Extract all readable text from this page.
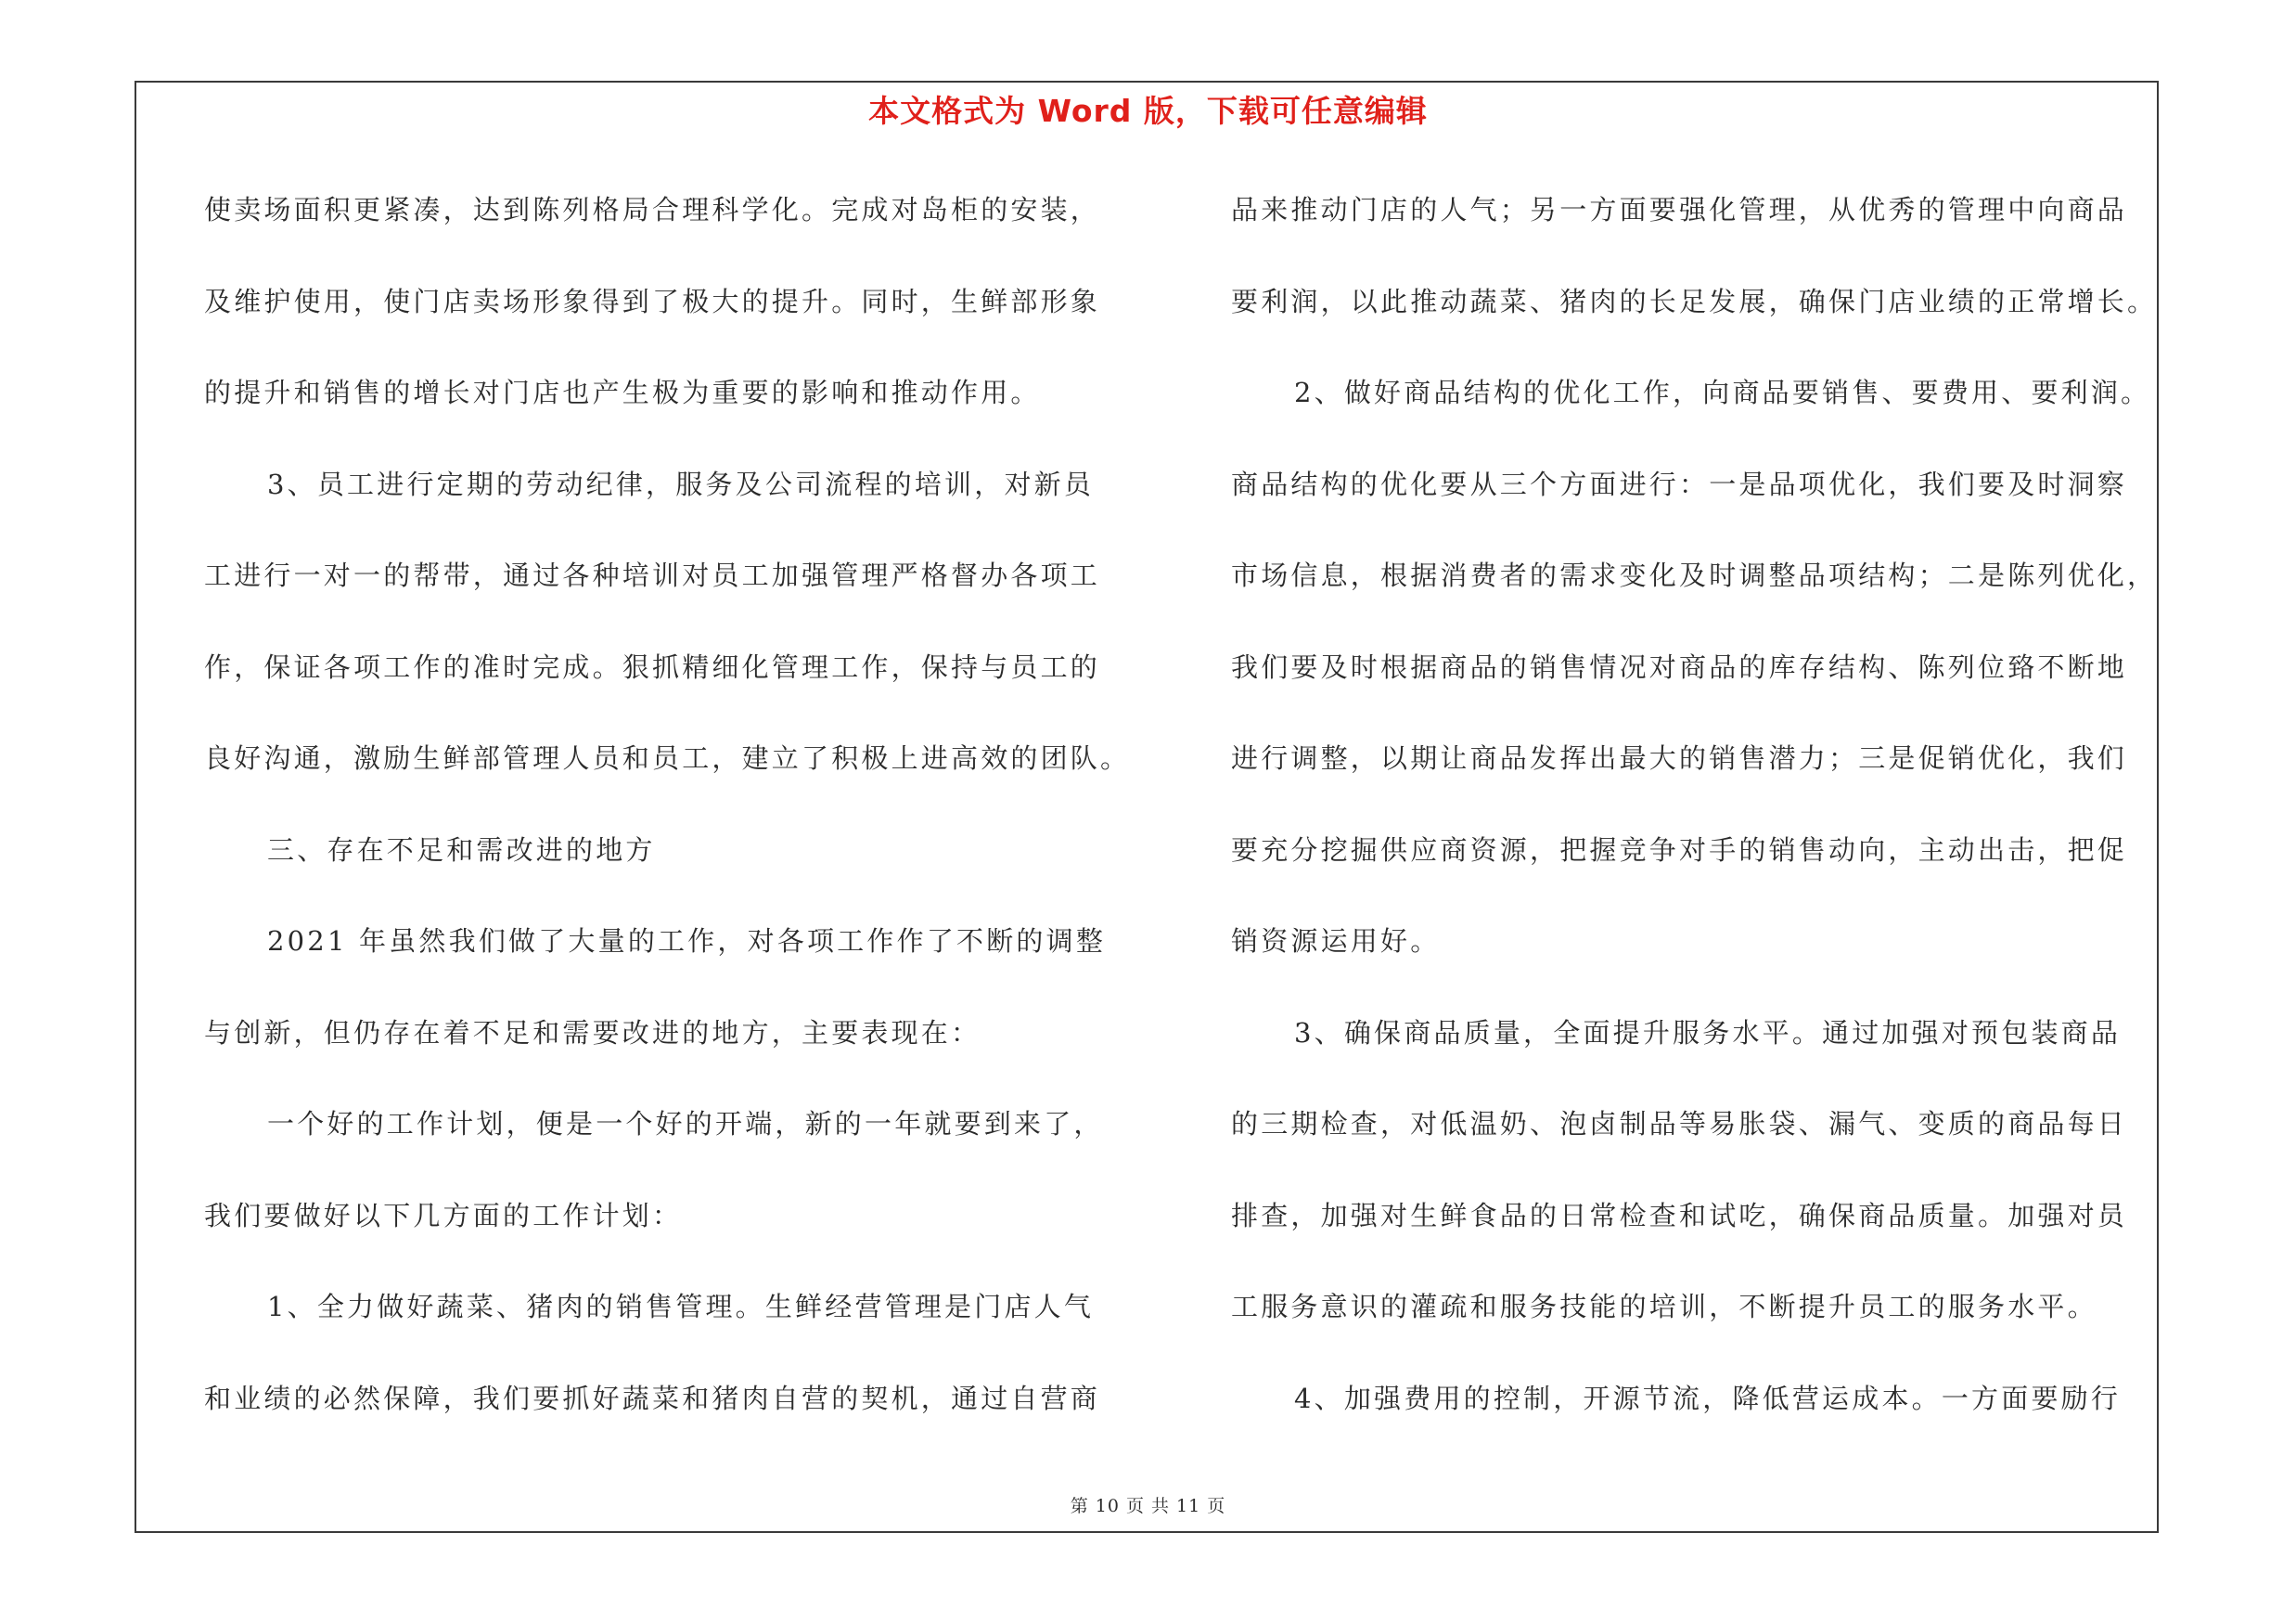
本文格式为 Word 版，下载可任意编辑
使卖场面积更紧凑，达到陈列格局合理科学化。完成对岛柜的安装，
及维护使用，使门店卖场形象得到了极大的提升。同时，生鲜部形象
的提升和销售的增长对门店也产生极为重要的影响和推动作用。
3、员工进行定期的劳动纪律，服务及公司流程的培训，对新员
工进行一对一的帮带，通过各种培训对员工加强管理严格督办各项工
作，保证各项工作的准时完成。狠抓精细化管理工作，保持与员工的
良好沟通，激励生鲜部管理人员和员工，建立了积极上进高效的团队。
三、存在不足和需改进的地方
2021 年虽然我们做了大量的工作，对各项工作作了不断的调整
与创新，但仍存在着不足和需要改进的地方，主要表现在：
一个好的工作计划，便是一个好的开端，新的一年就要到来了，
我们要做好以下几方面的工作计划：
1、全力做好蔬菜、猪肉的销售管理。生鲜经营管理是门店人气
和业绩的必然保障，我们要抓好蔬菜和猪肉自营的契机，通过自营商
品来推动门店的人气；另一方面要强化管理，从优秀的管理中向商品
要利润，以此推动蔬菜、猪肉的长足发展，确保门店业绩的正常增长。
2、做好商品结构的优化工作，向商品要销售、要费用、要利润。
商品结构的优化要从三个方面进行：一是品项优化，我们要及时洞察
市场信息，根据消费者的需求变化及时调整品项结构；二是陈列优化，
我们要及时根据商品的销售情况对商品的库存结构、陈列位臵不断地
进行调整，以期让商品发挥出最大的销售潜力；三是促销优化，我们
要充分挖掘供应商资源，把握竞争对手的销售动向，主动出击，把促
销资源运用好。
3、确保商品质量，全面提升服务水平。通过加强对预包装商品
的三期检查，对低温奶、泡卤制品等易胀袋、漏气、变质的商品每日
排查，加强对生鲜食品的日常检查和试吃，确保商品质量。加强对员
工服务意识的灌疏和服务技能的培训，不断提升员工的服务水平。
4、加强费用的控制，开源节流，降低营运成本。一方面要励行
第 10 页 共 11 页
